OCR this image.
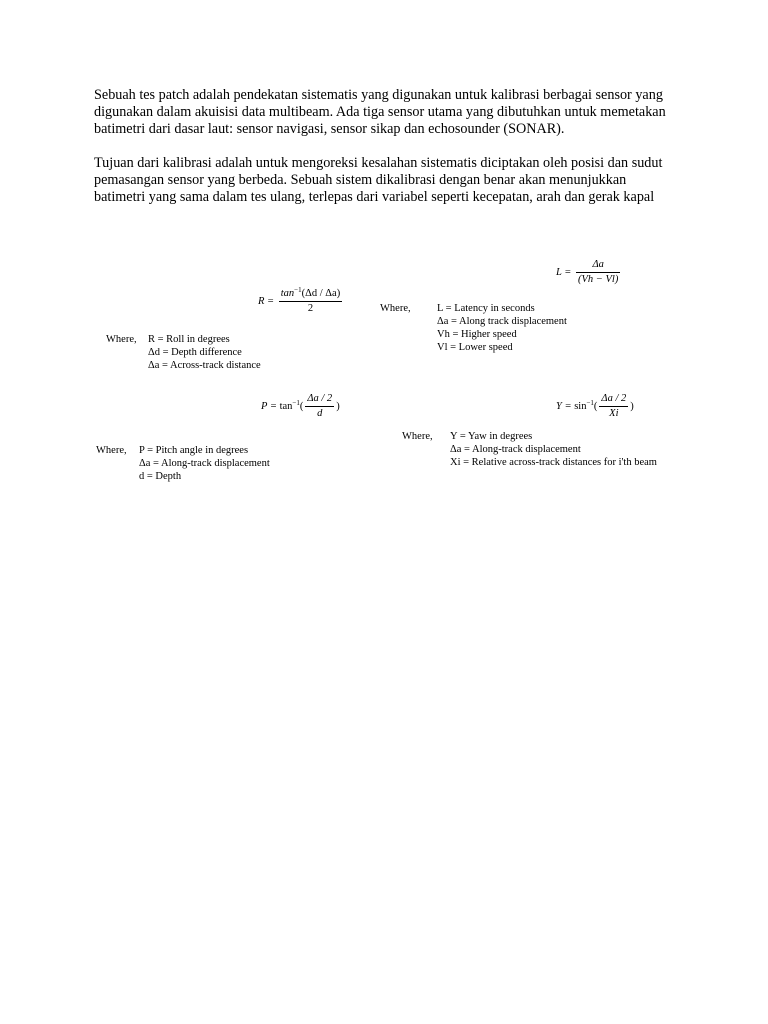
Sebuah tes patch adalah pendekatan sistematis yang digunakan untuk kalibrasi berbagai sensor yang digunakan dalam akuisisi data multibeam. Ada tiga sensor utama yang dibutuhkan untuk memetakan batimetri dari dasar laut: sensor navigasi, sensor sikap dan echosounder (SONAR).

Tujuan dari kalibrasi adalah untuk mengoreksi kesalahan sistematis diciptakan oleh posisi dan sudut pemasangan sensor yang berbeda. Sebuah sistem dikalibrasi dengan benar akan menunjukkan batimetri yang sama dalam tes ulang, terlepas dari variabel seperti kecepatan, arah dan gerak kapal

$R = \frac{\tan^{-1}(\Delta d / \Delta a)}{2}$
Where, R = Roll in degrees
Δd = Depth difference
Δa = Across-track distance
$L = \frac{\Delta a}{(Vh - Vl)}$
Where,	L = Latency in seconds
Δa = Along track displacement
Vh = Higher speed
Vl = Lower speed
$P = \tan^{-1}( \frac{\Delta a / 2}{d}$ )
Where, P = Pitch angle in degrees
Δa = Along-track displacement
d = Depth
$Y = \sin^{-1}( \frac{\Delta a / 2}{Xi}$ )
Where, Y = Yaw in degrees
Δa = Along-track displacement
Xi = Relative across-track distances for i'th beam
